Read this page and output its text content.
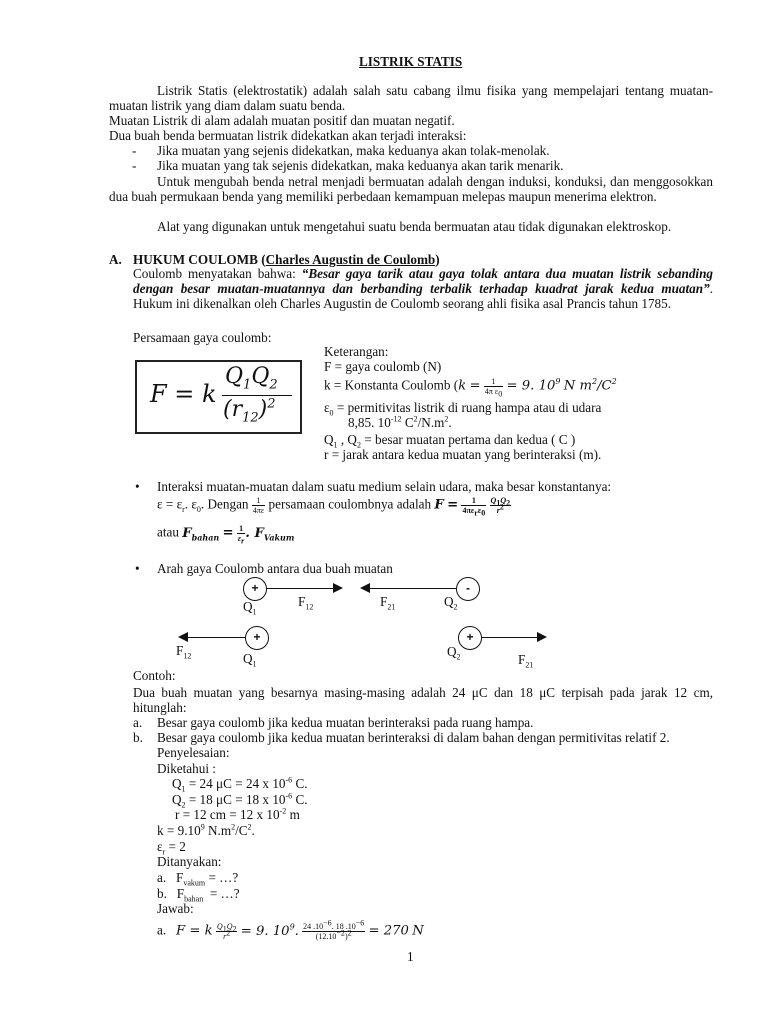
LISTRIK STATIS
Listrik Statis (elektrostatik) adalah salah satu cabang ilmu fisika yang mempelajari tentang muatan-muatan listrik yang diam dalam suatu benda.
Muatan Listrik di alam adalah muatan positif dan muatan negatif.
Dua buah benda bermuatan listrik didekatkan akan terjadi interaksi:
- Jika muatan yang sejenis didekatkan, maka keduanya akan tolak-menolak.
- Jika muatan yang tak sejenis didekatkan, maka keduanya akan tarik menarik.
Untuk mengubah benda netral menjadi bermuatan adalah dengan induksi, konduksi, dan menggosokkan dua buah permukaan benda yang memiliki perbedaan kemampuan melepas maupun menerima elektron.
Alat yang digunakan untuk mengetahui suatu benda bermuatan atau tidak digunakan elektroskop.
A. HUKUM COULOMB (Charles Augustin de Coulomb)
Coulomb menyatakan bahwa: “Besar gaya tarik atau gaya tolak antara dua muatan listrik sebanding dengan besar muatan-muatannya dan berbanding terbalik terhadap kuadrat jarak kedua muatan”. Hukum ini dikenalkan oleh Charles Augustin de Coulomb seorang ahli fisika asal Prancis tahun 1785.
Persamaan gaya coulomb:
F = k
$Q_1Q_2$
$(r_{12})^2$
Keterangan:
F = gaya coulomb (N)
k = Konstanta Coulomb ($k = \frac{1}{4\pi \varepsilon_0} = 9$. $10^9$ N $m^2/C^2$
$\varepsilon_0$ = permitivitas listrik di ruang hampa atau di udara
8,85. $10^{-12}$ $C^2/N.m^2$.
$Q_1$ , $Q_2$ = besar muatan pertama dan kedua ( C )
r = jarak antara kedua muatan yang berinteraksi (m).
• Interaksi muatan-muatan dalam suatu medium selain udara, maka besar konstantanya:
$\varepsilon = \varepsilon_r$. $\varepsilon_0$. Dengan $\frac{1}{4\pi\varepsilon}$ persamaan coulombnya adalah $F = \frac{1}{4\pi\varepsilon_r\varepsilon_0}$
$\frac{Q_1Q_2}{r^2}$
atau $F_{bahan} = \frac{1}{\varepsilon_r}$ . $F_{Vakum}$
• Arah gaya Coulomb antara dua buah muatan
+
$Q_1$
$F_{12}$
-
$F_{21}$	$Q_2$
+
$F_{12}$	$Q_1$
+
$Q_2$	$F_{21}$
Contoh:
Dua buah muatan yang besarnya masing-masing adalah 24 μC dan 18 μC terpisah pada jarak 12 cm, hitunglah:
a. Besar gaya coulomb jika kedua muatan berinteraksi pada ruang hampa.
b. Besar gaya coulomb jika kedua muatan berinteraksi di dalam bahan dengan permitivitas relatif 2.
Penyelesaian:
Diketahui :
$Q_1 = 24$ μC = 24 x $10^{-6}$ C.
$Q_2 = 18$ μC = 18 x $10^{-6}$ C.
r = 12 cm = 12 x $10^{-2}$ m
$k = 9.10^9$ $N.m^2/C^2$.
$\varepsilon_r = 2$
Ditanyakan:
a.   $F_{vakum}$ = …?
b.   $F_{bahan}$ = …?
Jawab:
a.   F = k $\frac{Q_1Q_2}{r^2} = 9$. $10^9$. $\frac{24 .10^{-6}. 18 .10^{-6}}{(12.10^{-2})^2} = 270$ N
1
